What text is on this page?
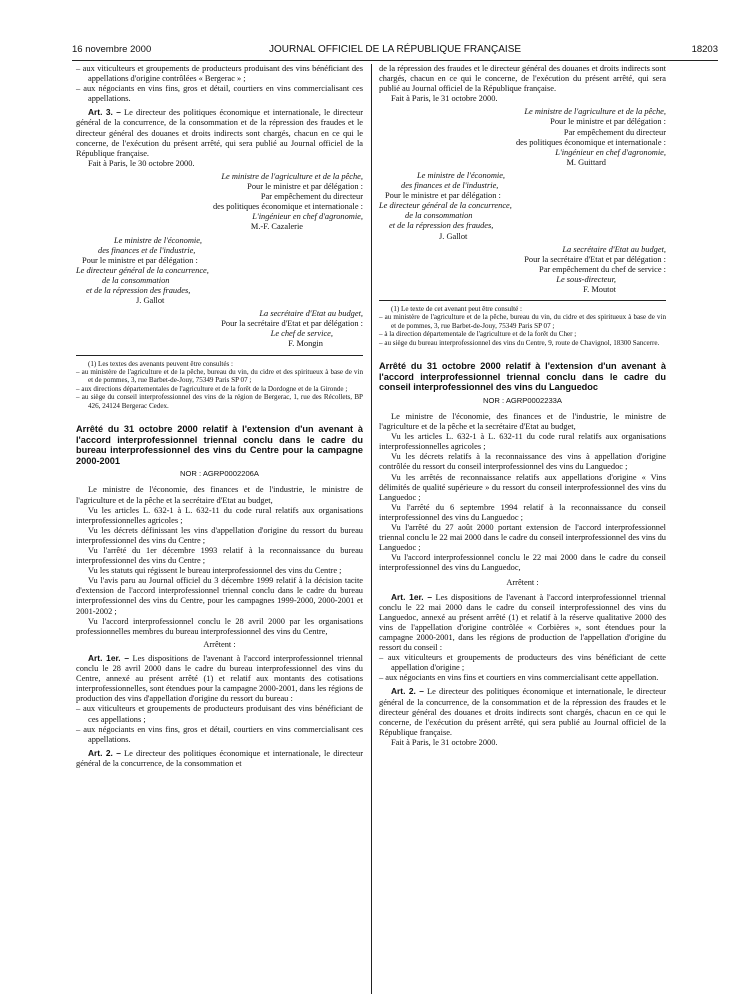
16 novembre 2000	JOURNAL OFFICIEL DE LA RÉPUBLIQUE FRANÇAISE	18203

– aux viticulteurs et groupements de producteurs produisant des vins bénéficiant des appellations d'origine contrôlées « Bergerac » ;

– aux négociants en vins fins, gros et détail, courtiers en vins commercialisant ces appellations.

Art. 3. – Le directeur des politiques économique et internationale, le directeur général de la concurrence, de la consommation et de la répression des fraudes et le directeur général des douanes et droits indirects sont chargés, chacun en ce qui le concerne, de l'exécution du présent arrêté, qui sera publié au Journal officiel de la République française.

Fait à Paris, le 30 octobre 2000.

Le ministre de l'agriculture et de la pêche,
Pour le ministre et par délégation :
Par empêchement du directeur
des politiques économique et internationale :
L'ingénieur en chef d'agronomie,
M.-F. Cazalerie
Le ministre de l'économie,
des finances et de l'industrie,
Pour le ministre et par délégation :
Le directeur général de la concurrence,
de la consommation
et de la répression des fraudes,
J. Gallot
La secrétaire d'Etat au budget,
Pour la secrétaire d'Etat et par délégation :
Le chef de service,
F. Mongin

(1) Les textes des avenants peuvent être consultés :

– au ministère de l'agriculture et de la pêche, bureau du vin, du cidre et des spiritueux à base de vin et de pommes, 3, rue Barbet-de-Jouy, 75349 Paris SP 07 ;

– aux directions départementales de l'agriculture et de la forêt de la Dordogne et de la Gironde ;

– au siège du conseil interprofessionnel des vins de la région de Bergerac, 1, rue des Récollets, BP 426, 24124 Bergerac Cedex.

Arrêté du 31 octobre 2000 relatif à l'extension d'un avenant à l'accord interprofessionnel triennal conclu dans le cadre du bureau interprofessionnel des vins du Centre pour la campagne 2000-2001

NOR : AGRP0002206A

Le ministre de l'économie, des finances et de l'industrie, le ministre de l'agriculture et de la pêche et la secrétaire d'Etat au budget,

Vu les articles L. 632-1 à L. 632-11 du code rural relatifs aux organisations interprofessionnelles agricoles ;

Vu les décrets définissant les vins d'appellation d'origine du ressort du bureau interprofessionnel des vins du Centre ;

Vu l'arrêté du 1er décembre 1993 relatif à la reconnaissance du bureau interprofessionnel des vins du Centre ;

Vu les statuts qui régissent le bureau interprofessionnel des vins du Centre ;

Vu l'avis paru au Journal officiel du 3 décembre 1999 relatif à la décision tacite d'extension de l'accord interprofessionnel triennal conclu dans le cadre du bureau interprofessionnel des vins du Centre, pour les campagnes 1999-2000, 2000-2001 et 2001-2002 ;

Vu l'accord interprofessionnel conclu le 28 avril 2000 par les organisations professionnelles membres du bureau interprofessionnel des vins du Centre,

Arrêtent :

Art. 1er. – Les dispositions de l'avenant à l'accord interprofessionnel triennal conclu le 28 avril 2000 dans le cadre du bureau interprofessionnel des vins du Centre, annexé au présent arrêté (1) et relatif aux montants des cotisations interprofessionnelles, sont étendues pour la campagne 2000-2001, dans les régions de production des vins d'appellation d'origine du ressort du bureau :

– aux viticulteurs et groupements de producteurs produisant des vins bénéficiant de ces appellations ;

– aux négociants en vins fins, gros et détail, courtiers en vins commercialisant ces appellations.

Art. 2. – Le directeur des politiques économique et internationale, le directeur général de la concurrence, de la consommation et

de la répression des fraudes et le directeur général des douanes et droits indirects sont chargés, chacun en ce qui le concerne, de l'exécution du présent arrêté, qui sera publié au Journal officiel de la République française.

Fait à Paris, le 31 octobre 2000.

Le ministre de l'agriculture et de la pêche,
Pour le ministre et par délégation :
Par empêchement du directeur
des politiques économique et internationale :
L'ingénieur en chef d'agronomie,
M. Guittard
Le ministre de l'économie,
des finances et de l'industrie,
Pour le ministre et par délégation :
Le directeur général de la concurrence,
de la consommation
et de la répression des fraudes,
J. Gallot
La secrétaire d'Etat au budget,
Pour la secrétaire d'Etat et par délégation :
Par empêchement du chef de service :
Le sous-directeur,
F. Moutot

(1) Le texte de cet avenant peut être consulté :

– au ministère de l'agriculture et de la pêche, bureau du vin, du cidre et des spiritueux à base de vin et de pommes, 3, rue Barbet-de-Jouy, 75349 Paris SP 07 ;

– à la direction départementale de l'agriculture et de la forêt du Cher ;

– au siège du bureau interprofessionnel des vins du Centre, 9, route de Chavignol, 18300 Sancerre.

Arrêté du 31 octobre 2000 relatif à l'extension d'un avenant à l'accord interprofessionnel triennal conclu dans le cadre du conseil interprofessionnel des vins du Languedoc

NOR : AGRP0002233A

Le ministre de l'économie, des finances et de l'industrie, le ministre de l'agriculture et de la pêche et la secrétaire d'Etat au budget,

Vu les articles L. 632-1 à L. 632-11 du code rural relatifs aux organisations interprofessionnelles agricoles ;

Vu les décrets relatifs à la reconnaissance des vins à appellation d'origine contrôlée du ressort du conseil interprofessionnel des vins du Languedoc ;

Vu les arrêtés de reconnaissance relatifs aux appellations d'origine « Vins délimités de qualité supérieure » du ressort du conseil interprofessionnel des vins du Languedoc ;

Vu l'arrêté du 6 septembre 1994 relatif à la reconnaissance du conseil interprofessionnel des vins du Languedoc ;

Vu l'arrêté du 27 août 2000 portant extension de l'accord interprofessionnel triennal conclu le 22 mai 2000 dans le cadre du conseil interprofessionnel des vins du Languedoc ;

Vu l'accord interprofessionnel conclu le 22 mai 2000 dans le cadre du conseil interprofessionnel des vins du Languedoc,

Arrêtent :

Art. 1er. – Les dispositions de l'avenant à l'accord interprofessionnel triennal conclu le 22 mai 2000 dans le cadre du conseil interprofessionnel des vins du Languedoc, annexé au présent arrêté (1) et relatif à la réserve qualitative 2000 des vins de l'appellation d'origine contrôlée « Corbières », sont étendues pour la campagne 2000-2001, dans les régions de production de l'appellation d'origine du ressort du conseil :

– aux viticulteurs et groupements de producteurs des vins bénéficiant de cette appellation d'origine ;

– aux négociants en vins fins et courtiers en vins commercialisant cette appellation.

Art. 2. – Le directeur des politiques économique et internationale, le directeur général de la concurrence, de la consommation et de la répression des fraudes et le directeur général des douanes et droits indirects sont chargés, chacun en ce qui le concerne, de l'exécution du présent arrêté, qui sera publié au Journal officiel de la République française.

Fait à Paris, le 31 octobre 2000.
